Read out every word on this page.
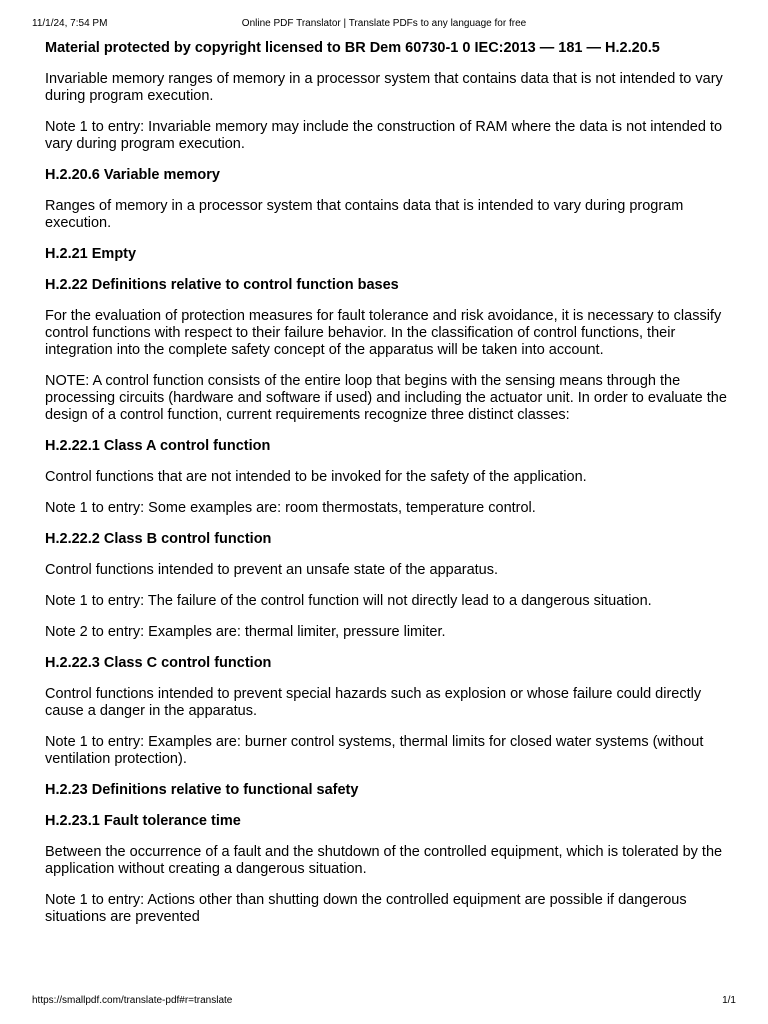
11/1/24, 7:54 PM	Online PDF Translator | Translate PDFs to any language for free

Material protected by copyright licensed to BR Dem 60730-1 0 IEC:2013 — 181 — H.2.20.5

Invariable memory ranges of memory in a processor system that contains data that is not intended to vary during program execution.

Note 1 to entry: Invariable memory may include the construction of RAM where the data is not intended to vary during program execution.

H.2.20.6 Variable memory

Ranges of memory in a processor system that contains data that is intended to vary during program execution.

H.2.21 Empty

H.2.22 Definitions relative to control function bases

For the evaluation of protection measures for fault tolerance and risk avoidance, it is necessary to classify control functions with respect to their failure behavior. In the classification of control functions, their integration into the complete safety concept of the apparatus will be taken into account.

NOTE: A control function consists of the entire loop that begins with the sensing means through the processing circuits (hardware and software if used) and including the actuator unit. In order to evaluate the design of a control function, current requirements recognize three distinct classes:

H.2.22.1 Class A control function

Control functions that are not intended to be invoked for the safety of the application.

Note 1 to entry: Some examples are: room thermostats, temperature control.

H.2.22.2 Class B control function

Control functions intended to prevent an unsafe state of the apparatus.

Note 1 to entry: The failure of the control function will not directly lead to a dangerous situation.

Note 2 to entry: Examples are: thermal limiter, pressure limiter.

H.2.22.3 Class C control function

Control functions intended to prevent special hazards such as explosion or whose failure could directly cause a danger in the apparatus.

Note 1 to entry: Examples are: burner control systems, thermal limits for closed water systems (without ventilation protection).

H.2.23 Definitions relative to functional safety

H.2.23.1 Fault tolerance time

Between the occurrence of a fault and the shutdown of the controlled equipment, which is tolerated by the application without creating a dangerous situation.

Note 1 to entry: Actions other than shutting down the controlled equipment are possible if dangerous situations are prevented

https://smallpdf.com/translate-pdf#r=translate	1/1
